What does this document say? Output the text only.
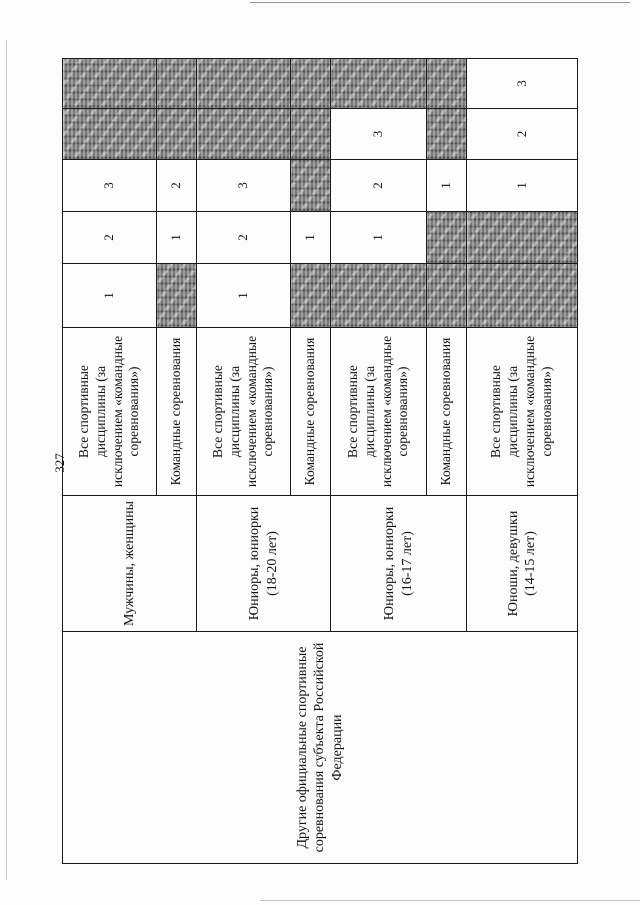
327
Другие официальные спортивные соревнования субъекта Российской Федерации	Мужчины, женщины	Все спортивные дисциплины (за исключением «командные соревнования»)	1	2	3		
		Командные соревнования		1	2		
	Юниоры, юниорки (18-20 лет)	Все спортивные дисциплины (за исключением «командные соревнования»)	1	2	3		
		Командные соревнования		1			
	Юниоры, юниорки (16-17 лет)	Все спортивные дисциплины (за исключением «командные соревнования»)		1	2	3	
		Командные соревнования			1		
	Юноши, девушки (14-15 лет)	Все спортивные дисциплины (за исключением «командные соревнования»)			1	2	3
